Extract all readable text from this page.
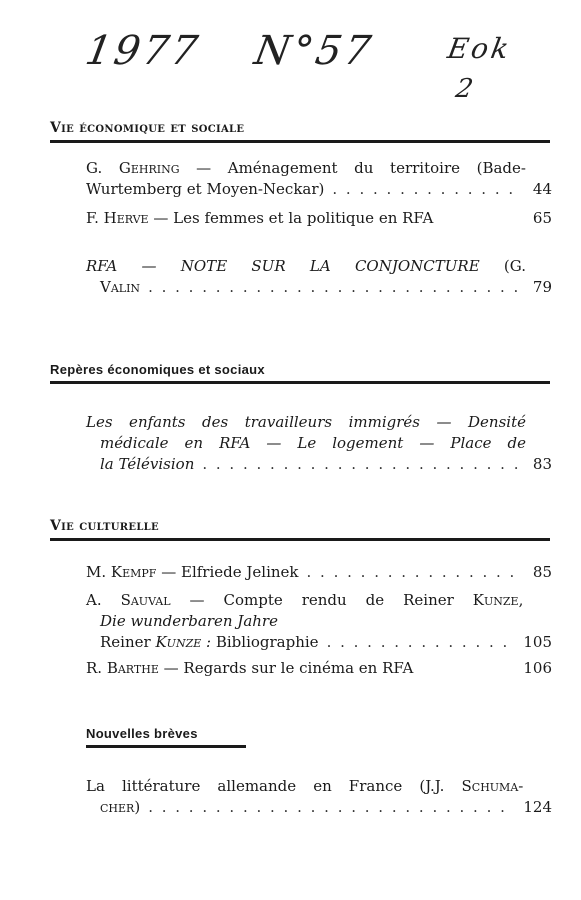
1977 N°57 Eok
2
Vie économique et sociale
G. Gehring — Aménagement du territoire (Bade-
Wurtemberg et Moyen-Neckar) . . .	44
F. Herve — Les femmes et la politique en RFA	65
RFA — NOTE SUR LA CONJONCTURE (G.
Valin . . .	79
Repères économiques et sociaux
Les enfants des travailleurs immigrés — Densité
médicale en RFA — Le logement — Place de
la Télévision . . .	83
Vie culturelle
M. Kempf — Elfriede Jelinek . . .	85
A. Sauval — Compte rendu de Reiner Kunze,
Die wunderbaren Jahre
Reiner Kunze : Bibliographie . . .	105
R. Barthe — Regards sur le cinéma en RFA	106
Nouvelles brèves
La littérature allemande en France (J.J. Schuma-
cher) . . .	124
